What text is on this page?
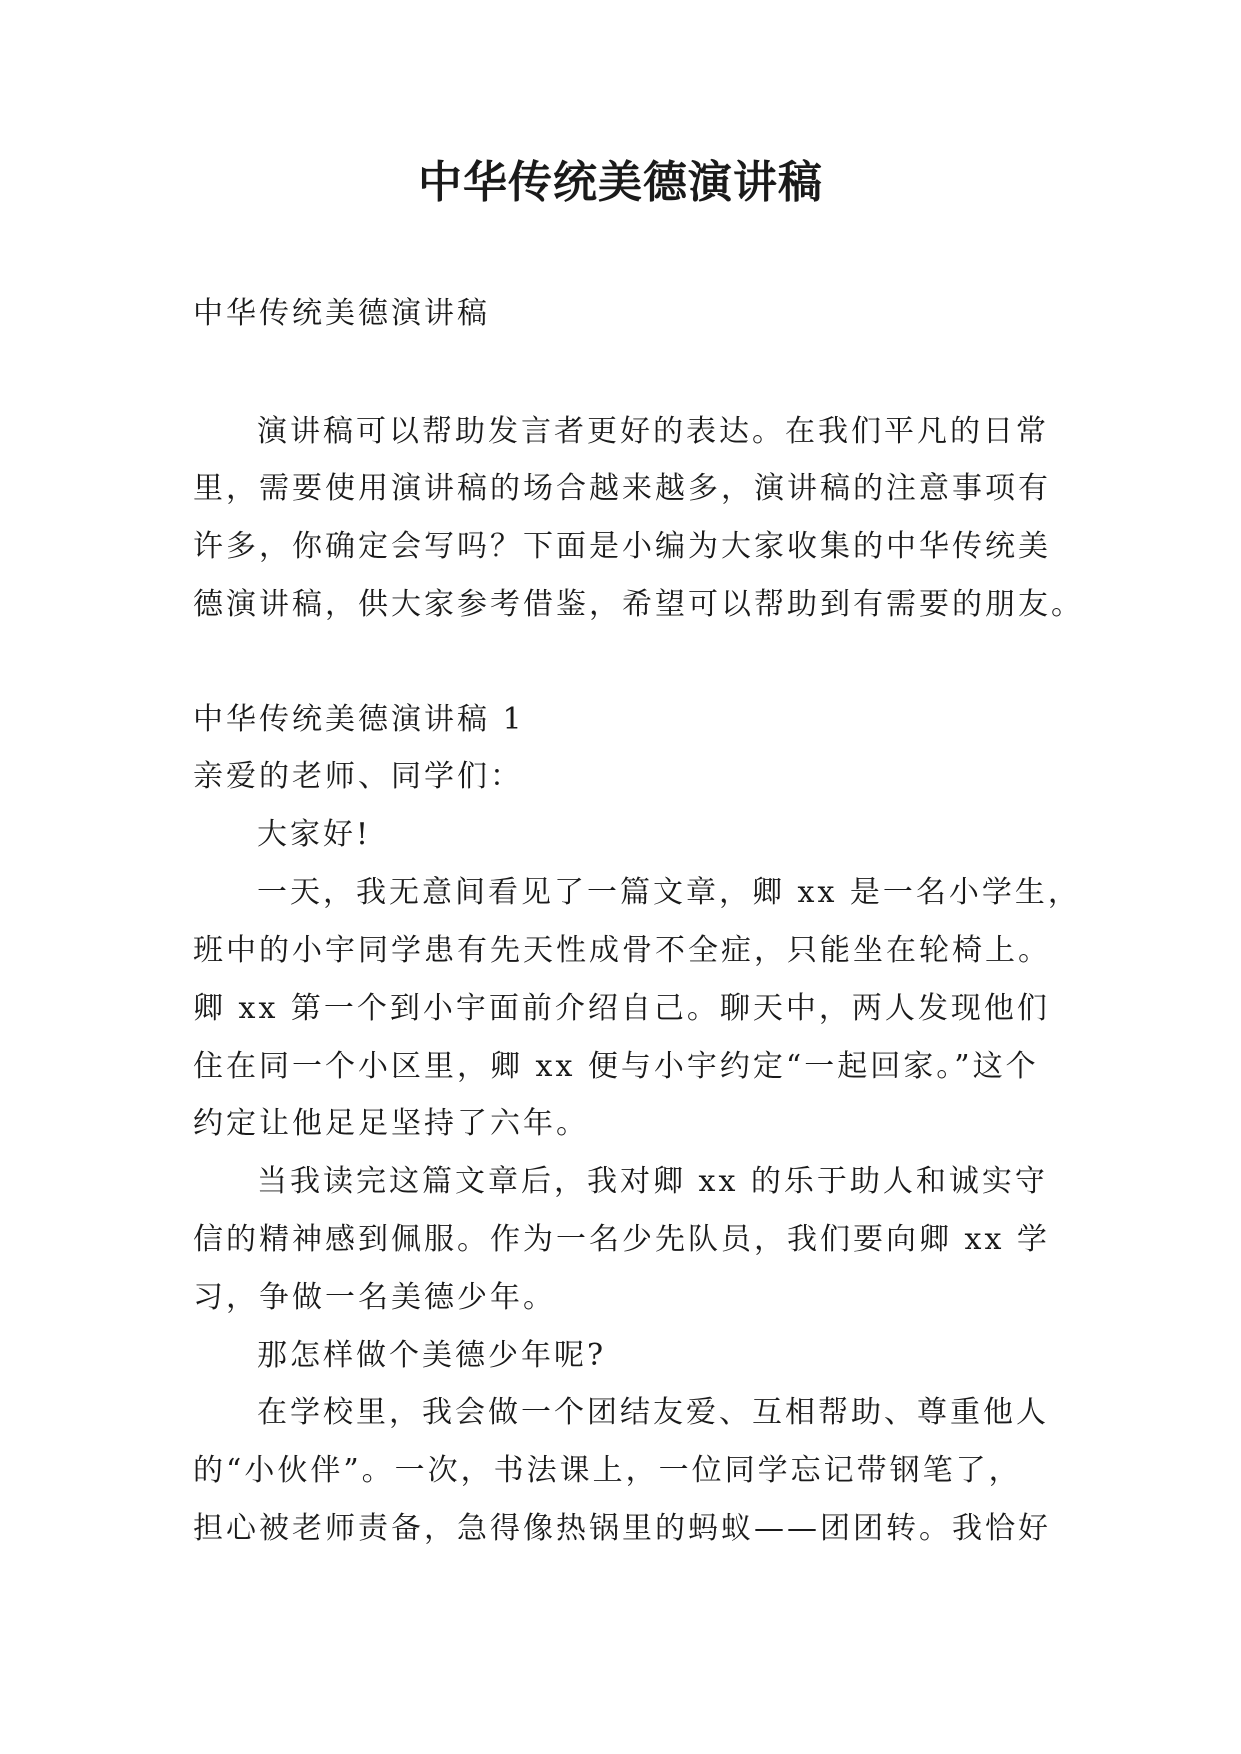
中华传统美德演讲稿
中华传统美德演讲稿
演讲稿可以帮助发言者更好的表达。在我们平凡的日常
里，需要使用演讲稿的场合越来越多，演讲稿的注意事项有
许多，你确定会写吗？下面是小编为大家收集的中华传统美
德演讲稿，供大家参考借鉴，希望可以帮助到有需要的朋友。
中华传统美德演讲稿 1
亲爱的老师、同学们：
大家好!
一天，我无意间看见了一篇文章，卿 xx 是一名小学生，
班中的小宇同学患有先天性成骨不全症，只能坐在轮椅上。
卿 xx 第一个到小宇面前介绍自己。聊天中，两人发现他们
住在同一个小区里，卿 xx 便与小宇约定“一起回家。”这个
约定让他足足坚持了六年。
当我读完这篇文章后，我对卿 xx 的乐于助人和诚实守
信的精神感到佩服。作为一名少先队员，我们要向卿 xx 学
习，争做一名美德少年。
那怎样做个美德少年呢?
在学校里，我会做一个团结友爱、互相帮助、尊重他人
的“小伙伴”。一次，书法课上，一位同学忘记带钢笔了，
担心被老师责备，急得像热锅里的蚂蚁——团团转。我恰好
